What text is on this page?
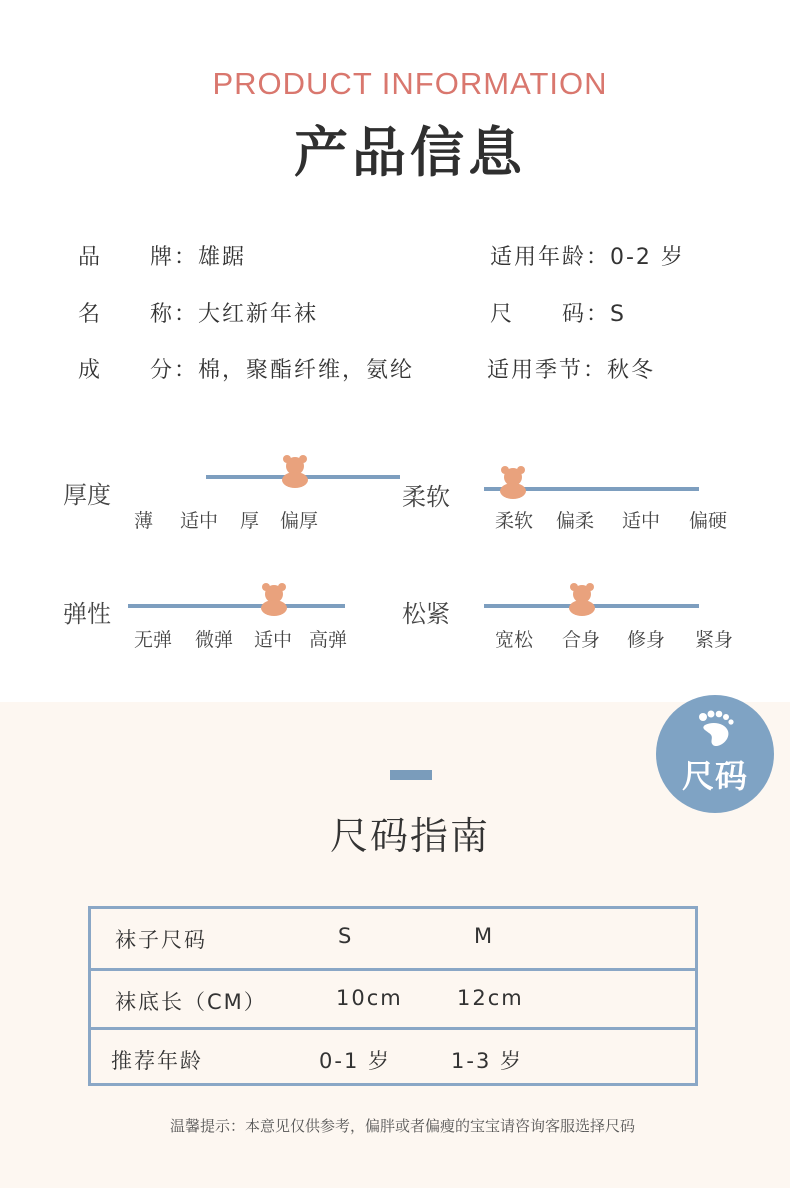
PRODUCT INFORMATION
产品信息
品　　牌：雄踞	适用年龄：0-2 岁
名　　称：大红新年袜	尺　　码：S
成　　分：棉，聚酯纤维，氨纶	适用季节：秋冬
厚度
薄 适中 厚 偏厚
柔软
柔软 偏柔 适中 偏硬
弹性
无弹 微弹 适中 高弹
松紧
宽松 合身 修身 紧身
尺码
尺码指南
袜子尺码	S	M
袜底长（CM）	10cm	12cm
推荐年龄	0-1 岁	1-3 岁
温馨提示：本意见仅供参考，偏胖或者偏瘦的宝宝请咨询客服选择尺码
